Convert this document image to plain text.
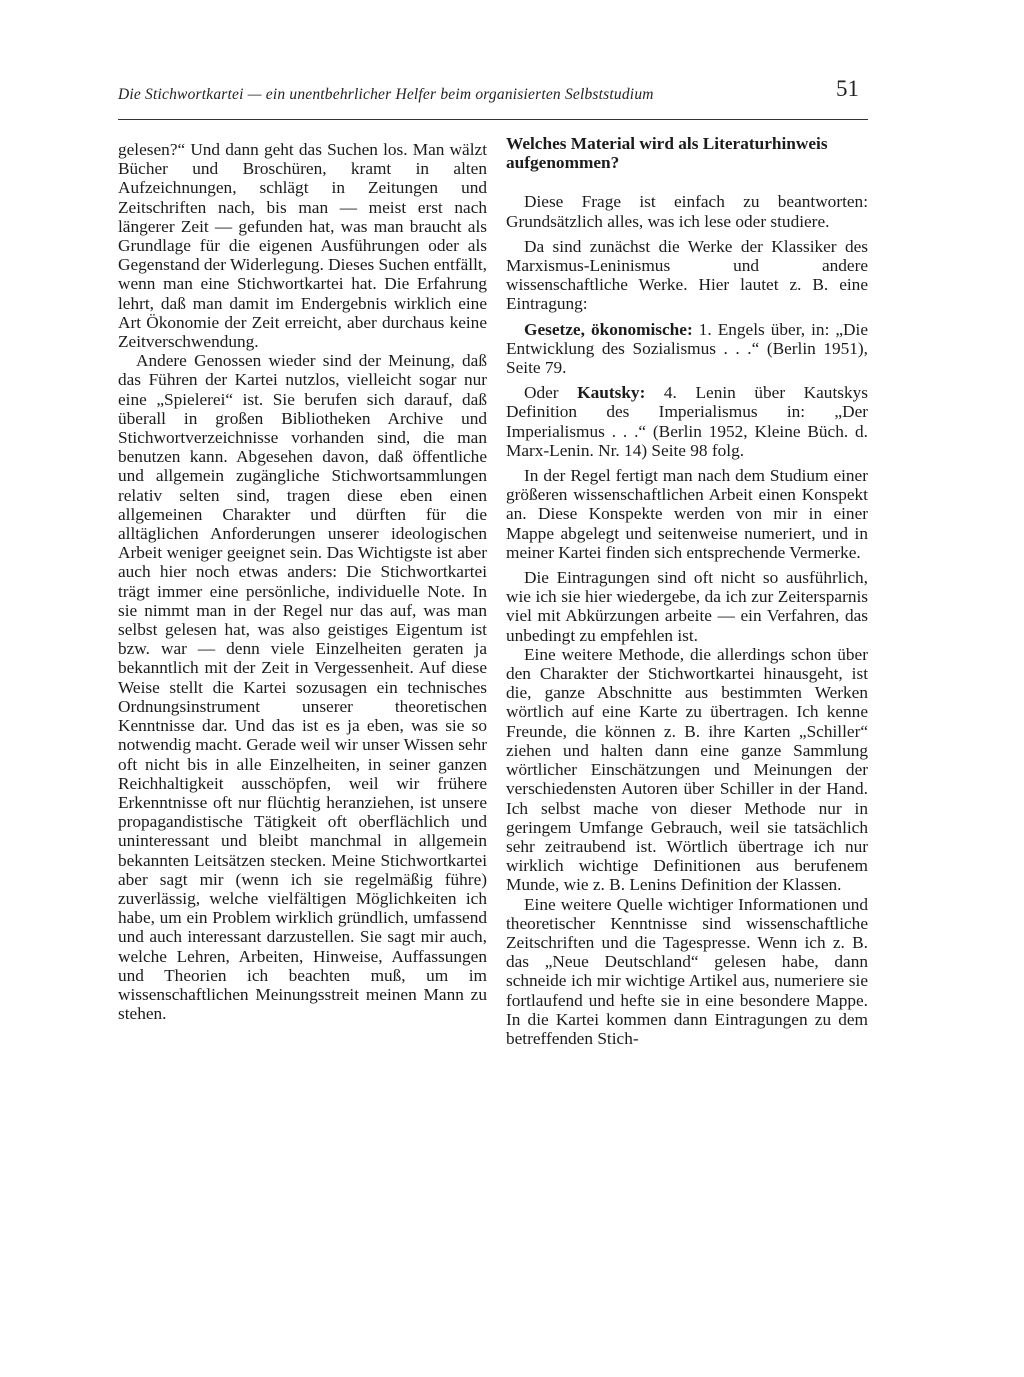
Die Stichwortkartei — ein unentbehrlicher Helfer beim organisierten Selbststudium	51

gelesen?“ Und dann geht das Suchen los. Man wälzt Bücher und Broschüren, kramt in alten Aufzeichnungen, schlägt in Zeitungen und Zeitschriften nach, bis man — meist erst nach längerer Zeit — gefunden hat, was man braucht als Grundlage für die eigenen Ausführungen oder als Gegenstand der Widerlegung. Dieses Suchen entfällt, wenn man eine Stichwortkartei hat. Die Erfahrung lehrt, daß man damit im Endergebnis wirklich eine Art Ökonomie der Zeit erreicht, aber durchaus keine Zeitverschwendung.

Andere Genossen wieder sind der Meinung, daß das Führen der Kartei nutzlos, vielleicht sogar nur eine „Spielerei“ ist. Sie berufen sich darauf, daß überall in großen Bibliotheken Archive und Stichwortverzeichnisse vorhanden sind, die man benutzen kann. Abgesehen davon, daß öffentliche und allgemein zugängliche Stichwortsammlungen relativ selten sind, tragen diese eben einen allgemeinen Charakter und dürften für die alltäglichen Anforderungen unserer ideologischen Arbeit weniger geeignet sein. Das Wichtigste ist aber auch hier noch etwas anders: Die Stichwortkartei trägt immer eine persönliche, individuelle Note. In sie nimmt man in der Regel nur das auf, was man selbst gelesen hat, was also geistiges Eigentum ist bzw. war — denn viele Einzelheiten geraten ja bekanntlich mit der Zeit in Vergessenheit. Auf diese Weise stellt die Kartei sozusagen ein technisches Ordnungsinstrument unserer theoretischen Kenntnisse dar. Und das ist es ja eben, was sie so notwendig macht. Gerade weil wir unser Wissen sehr oft nicht bis in alle Einzelheiten, in seiner ganzen Reichhaltigkeit ausschöpfen, weil wir frühere Erkenntnisse oft nur flüchtig heranziehen, ist unsere propagandistische Tätigkeit oft oberflächlich und uninteressant und bleibt manchmal in allgemein bekannten Leitsätzen stecken. Meine Stichwortkartei aber sagt mir (wenn ich sie regelmäßig führe) zuverlässig, welche vielfältigen Möglichkeiten ich habe, um ein Problem wirklich gründlich, umfassend und auch interessant darzustellen. Sie sagt mir auch, welche Lehren, Arbeiten, Hinweise, Auffassungen und Theorien ich beachten muß, um im wissenschaftlichen Meinungsstreit meinen Mann zu stehen.

Welches Material wird als Literaturhinweis aufgenommen?

Diese Frage ist einfach zu beantworten: Grundsätzlich alles, was ich lese oder studiere.

Da sind zunächst die Werke der Klassiker des Marxismus-Leninismus und andere wissenschaftliche Werke. Hier lautet z. B. eine Eintragung:

Gesetze, ökonomische: 1. Engels über, in: „Die Entwicklung des Sozialismus . . .“ (Berlin 1951), Seite 79.

Oder Kautsky: 4. Lenin über Kautskys Definition des Imperialismus in: „Der Imperialismus . . .“ (Berlin 1952, Kleine Büch. d. Marx-Lenin. Nr. 14) Seite 98 folg.

In der Regel fertigt man nach dem Studium einer größeren wissenschaftlichen Arbeit einen Konspekt an. Diese Konspekte werden von mir in einer Mappe abgelegt und seitenweise numeriert, und in meiner Kartei finden sich entsprechende Vermerke.

Die Eintragungen sind oft nicht so ausführlich, wie ich sie hier wiedergebe, da ich zur Zeitersparnis viel mit Abkürzungen arbeite — ein Verfahren, das unbedingt zu empfehlen ist.

Eine weitere Methode, die allerdings schon über den Charakter der Stichwortkartei hinausgeht, ist die, ganze Abschnitte aus bestimmten Werken wörtlich auf eine Karte zu übertragen. Ich kenne Freunde, die können z. B. ihre Karten „Schiller“ ziehen und halten dann eine ganze Sammlung wörtlicher Einschätzungen und Meinungen der verschiedensten Autoren über Schiller in der Hand. Ich selbst mache von dieser Methode nur in geringem Umfange Gebrauch, weil sie tatsächlich sehr zeitraubend ist. Wörtlich übertrage ich nur wirklich wichtige Definitionen aus berufenem Munde, wie z. B. Lenins Definition der Klassen.

Eine weitere Quelle wichtiger Informationen und theoretischer Kenntnisse sind wissenschaftliche Zeitschriften und die Tagespresse. Wenn ich z. B. das „Neue Deutschland“ gelesen habe, dann schneide ich mir wichtige Artikel aus, numeriere sie fortlaufend und hefte sie in eine besondere Mappe. In die Kartei kommen dann Eintragungen zu dem betreffenden Stich-
